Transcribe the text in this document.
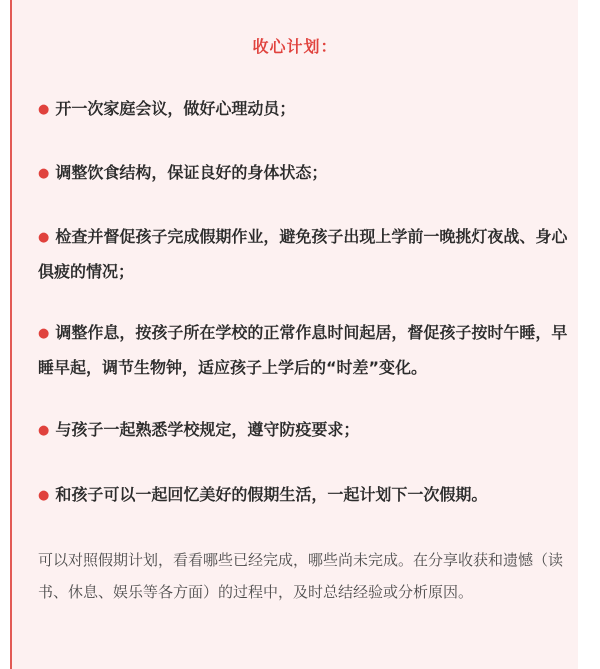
收心计划：
● 开一次家庭会议，做好心理动员；
● 调整饮食结构，保证良好的身体状态；
● 检查并督促孩子完成假期作业，避免孩子出现上学前一晚挑灯夜战、身心俱疲的情况；
● 调整作息，按孩子所在学校的正常作息时间起居，督促孩子按时午睡，早睡早起，调节生物钟，适应孩子上学后的“时差”变化。
● 与孩子一起熟悉学校规定，遵守防疫要求；
● 和孩子可以一起回忆美好的假期生活，一起计划下一次假期。
可以对照假期计划，看看哪些已经完成，哪些尚未完成。在分享收获和遗憾（读书、休息、娱乐等各方面）的过程中，及时总结经验或分析原因。
